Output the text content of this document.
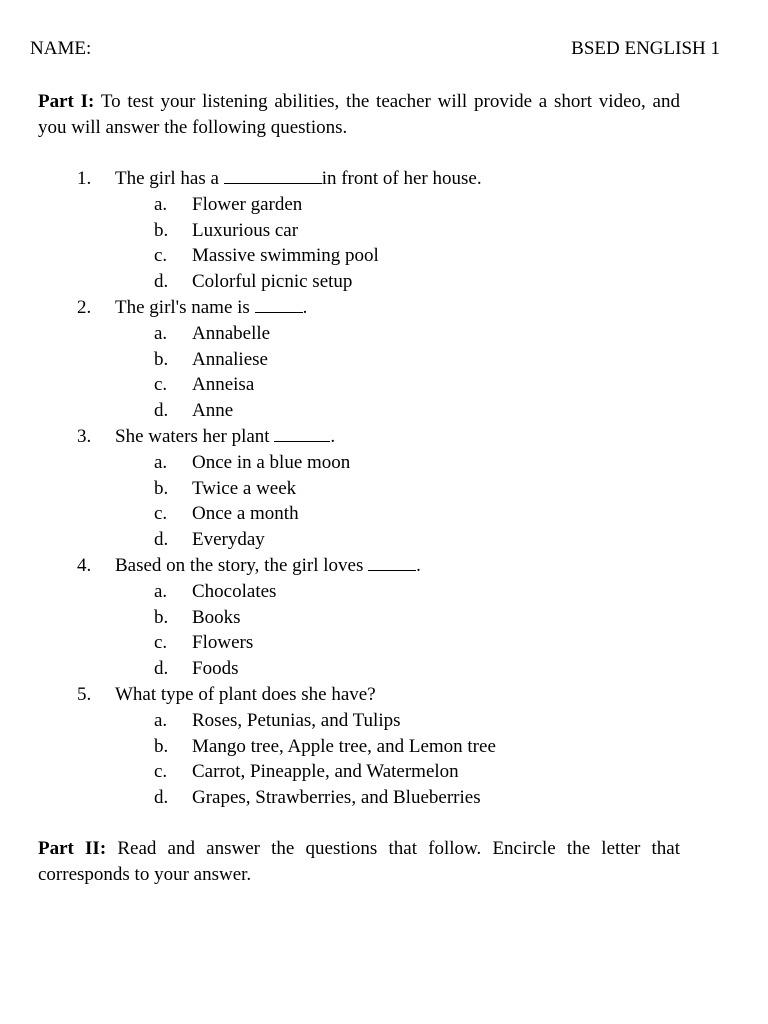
NAME:	BSED ENGLISH 1
Part I: To test your listening abilities, the teacher will provide a short video, and you will answer the following questions.
1. The girl has a	in front of her house.
a. Flower garden
b. Luxurious car
c. Massive swimming pool
d. Colorful picnic setup
2. The girl's name is	.
a. Annabelle
b. Annaliese
c. Anneisa
d. Anne
3. She waters her plant	.
a. Once in a blue moon
b. Twice a week
c. Once a month
d. Everyday
4. Based on the story, the girl loves	.
a. Chocolates
b. Books
c. Flowers
d. Foods
5. What type of plant does she have?
a. Roses, Petunias, and Tulips
b. Mango tree, Apple tree, and Lemon tree
c. Carrot, Pineapple, and Watermelon
d. Grapes, Strawberries, and Blueberries
Part II: Read and answer the questions that follow. Encircle the letter that corresponds to your answer.
